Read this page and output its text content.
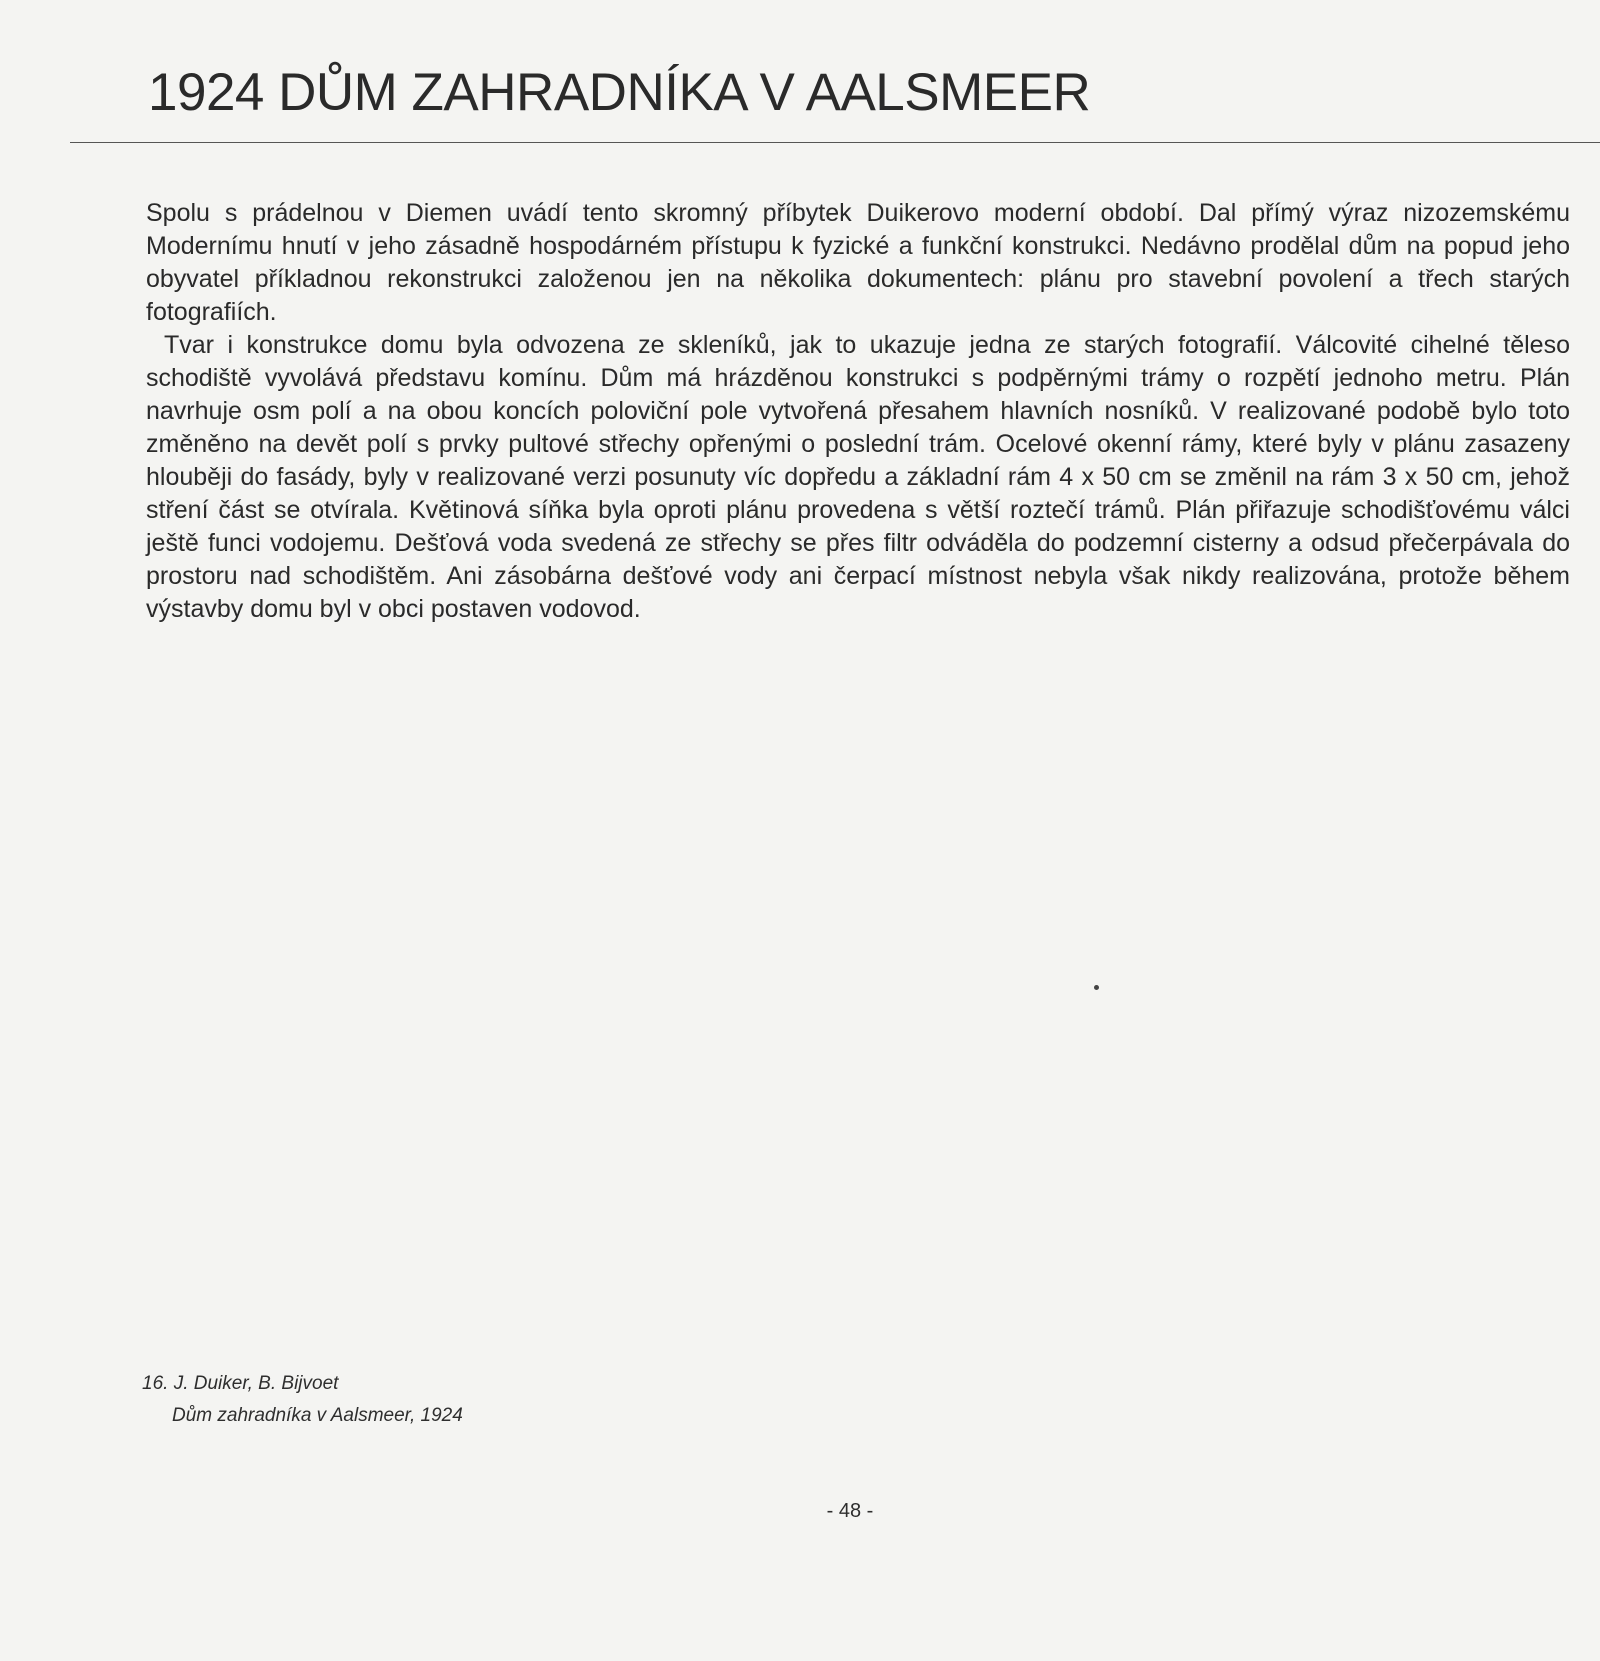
1924 DŮM ZAHRADNÍKA V AALSMEER

Spolu s prádelnou v Diemen uvádí tento skromný příbytek Duikerovo moderní období. Dal přímý výraz nizozemskému Modernímu hnutí v jeho zásadně hospodárném přístupu k fyzické a funkční konstrukci. Nedávno prodělal dům na popud jeho obyvatel příkladnou rekonstrukci založenou jen na několika dokumentech: plánu pro stavební povolení a třech starých fotografiích.

Tvar i konstrukce domu byla odvozena ze skleníků, jak to ukazuje jedna ze starých fotografií. Válcovité cihelné těleso schodiště vyvolává představu komínu. Dům má hrázděnou konstrukci s podpěrnými trámy o rozpětí jednoho metru. Plán navrhuje osm polí a na obou koncích poloviční pole vytvořená přesahem hlavních nosníků. V realizované podobě bylo toto změněno na devět polí s prvky pultové střechy opřenými o poslední trám. Ocelové okenní rámy, které byly v plánu zasazeny hlouběji do fasády, byly v realizované verzi posunuty víc dopředu a základní rám 4 x 50 cm se změnil na rám 3 x 50 cm, jehož stření část se otvírala. Květinová síňka byla oproti plánu provedena s větší roztečí trámů. Plán přiřazuje schodišťovému válci ještě funci vodojemu. Dešťová voda svedená ze střechy se přes filtr odváděla do podzemní cisterny a odsud přečerpávala do prostoru nad schodištěm. Ani zásobárna dešťové vody ani čerpací místnost nebyla však nikdy realizována, protože během výstavby domu byl v obci postaven vodovod.

16. J. Duiker, B. Bijvoet
Dům zahradníka v Aalsmeer, 1924
- 48 -
